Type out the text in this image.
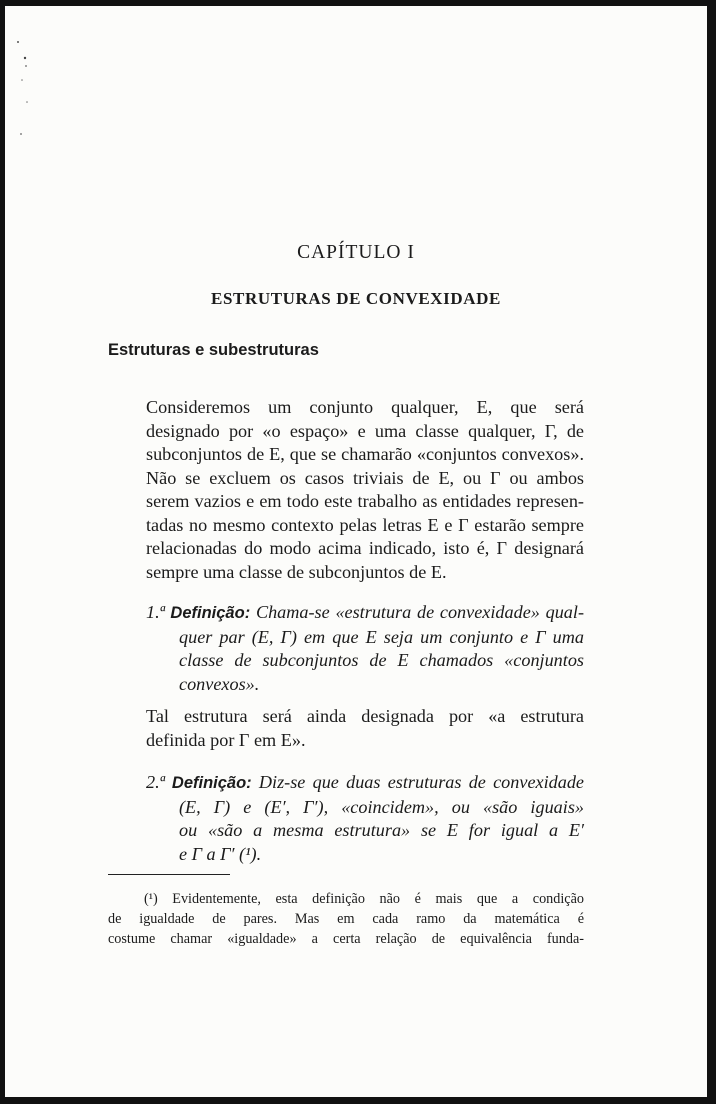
CAPÍTULO I
ESTRUTURAS DE CONVEXIDADE
Estruturas e subestruturas
Consideremos um conjunto qualquer, E, que será
designado por «o espaço» e uma classe qualquer, Γ, de
subconjuntos de E, que se chamarão «conjuntos convexos».
Não se excluem os casos triviais de E, ou Γ ou ambos
serem vazios e em todo este trabalho as entidades represen-
tadas no mesmo contexto pelas letras E e Γ estarão sempre
relacionadas do modo acima indicado, isto é, Γ designará
sempre uma classe de subconjuntos de E.
1.ª Definição: Chama-se «estrutura de convexidade» qual-
quer par (E, Γ) em que E seja um conjunto e Γ uma
classe de subconjuntos de E chamados «conjuntos
convexos».
Tal estrutura será ainda designada por «a estrutura
definida por Γ em E».
2.ª Definição: Diz-se que duas estruturas de convexidade
(E, Γ) e (E′, Γ′), «coincidem», ou «são iguais»
ou «são a mesma estrutura» se E for igual a E′
e Γ a Γ′ (¹).
(¹) Evidentemente, esta definição não é mais que a condição
de igualdade de pares. Mas em cada ramo da matemática é
costume chamar «igualdade» a certa relação de equivalência funda-
